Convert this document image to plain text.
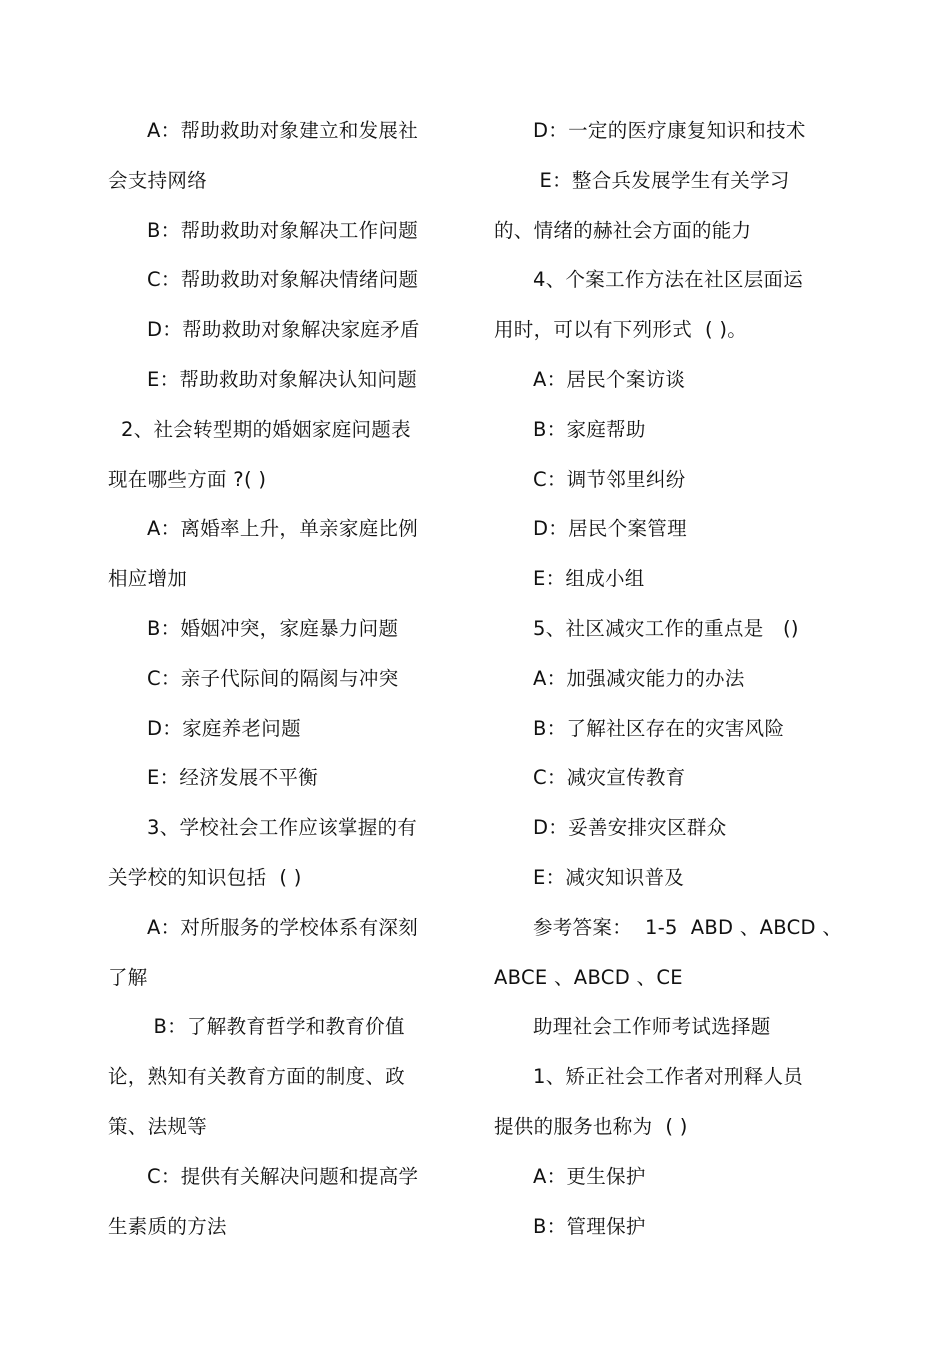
A：帮助救助对象建立和发展社
会支持网络
B：帮助救助对象解决工作问题
C：帮助救助对象解决情绪问题
D：帮助救助对象解决家庭矛盾
E：帮助救助对象解决认知问题
2、社会转型期的婚姻家庭问题表
现在哪些方面 ?( )
A：离婚率上升，单亲家庭比例
相应增加
B：婚姻冲突，家庭暴力问题
C：亲子代际间的隔阂与冲突
D：家庭养老问题
E：经济发展不平衡
3、学校社会工作应该掌握的有
关学校的知识包括  ( )
A：对所服务的学校体系有深刻
了解
B：了解教育哲学和教育价值
论，熟知有关教育方面的制度、政
策、法规等
C：提供有关解决问题和提高学
生素质的方法
D：一定的医疗康复知识和技术
E：整合兵发展学生有关学习
的、情绪的赫社会方面的能力
4、个案工作方法在社区层面运
用时，可以有下列形式  ( )。
A：居民个案访谈
B：家庭帮助
C：调节邻里纠纷
D：居民个案管理
E：组成小组
5、社区减灾工作的重点是   ()
A：加强减灾能力的办法
B：了解社区存在的灾害风险
C：减灾宣传教育
D：妥善安排灾区群众
E：减灾知识普及
参考答案：  1-5  ABD 、ABCD 、
ABCE 、ABCD 、CE
助理社会工作师考试选择题
1、矫正社会工作者对刑释人员
提供的服务也称为  ( )
A：更生保护
B：管理保护
